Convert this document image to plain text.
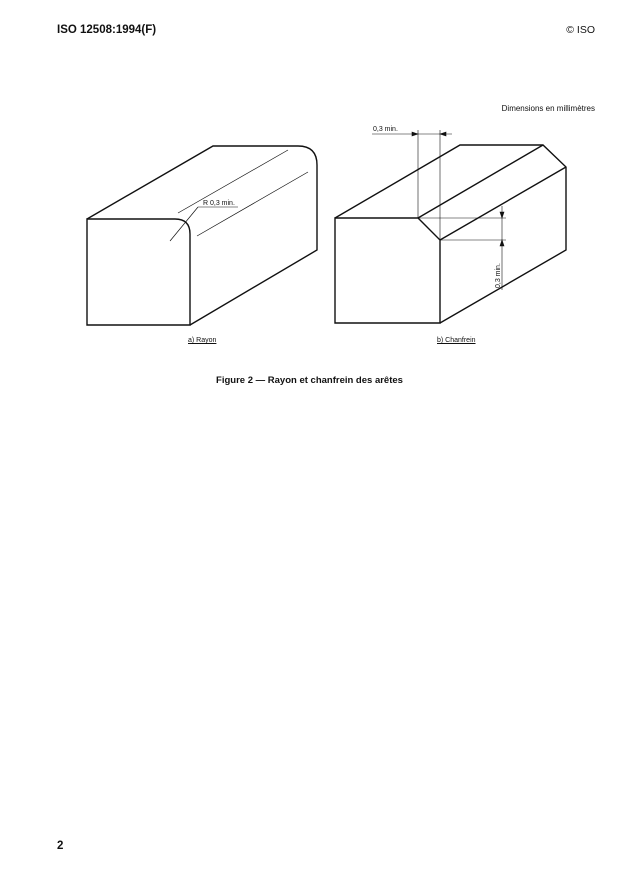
ISO 12508:1994(F)	© ISO
Dimensions en millimètres
R 0,3 min.
0,3 min.
0,3 min.
a) Rayon	b) Chanfrein
Figure 2 — Rayon et chanfrein des arêtes
2
